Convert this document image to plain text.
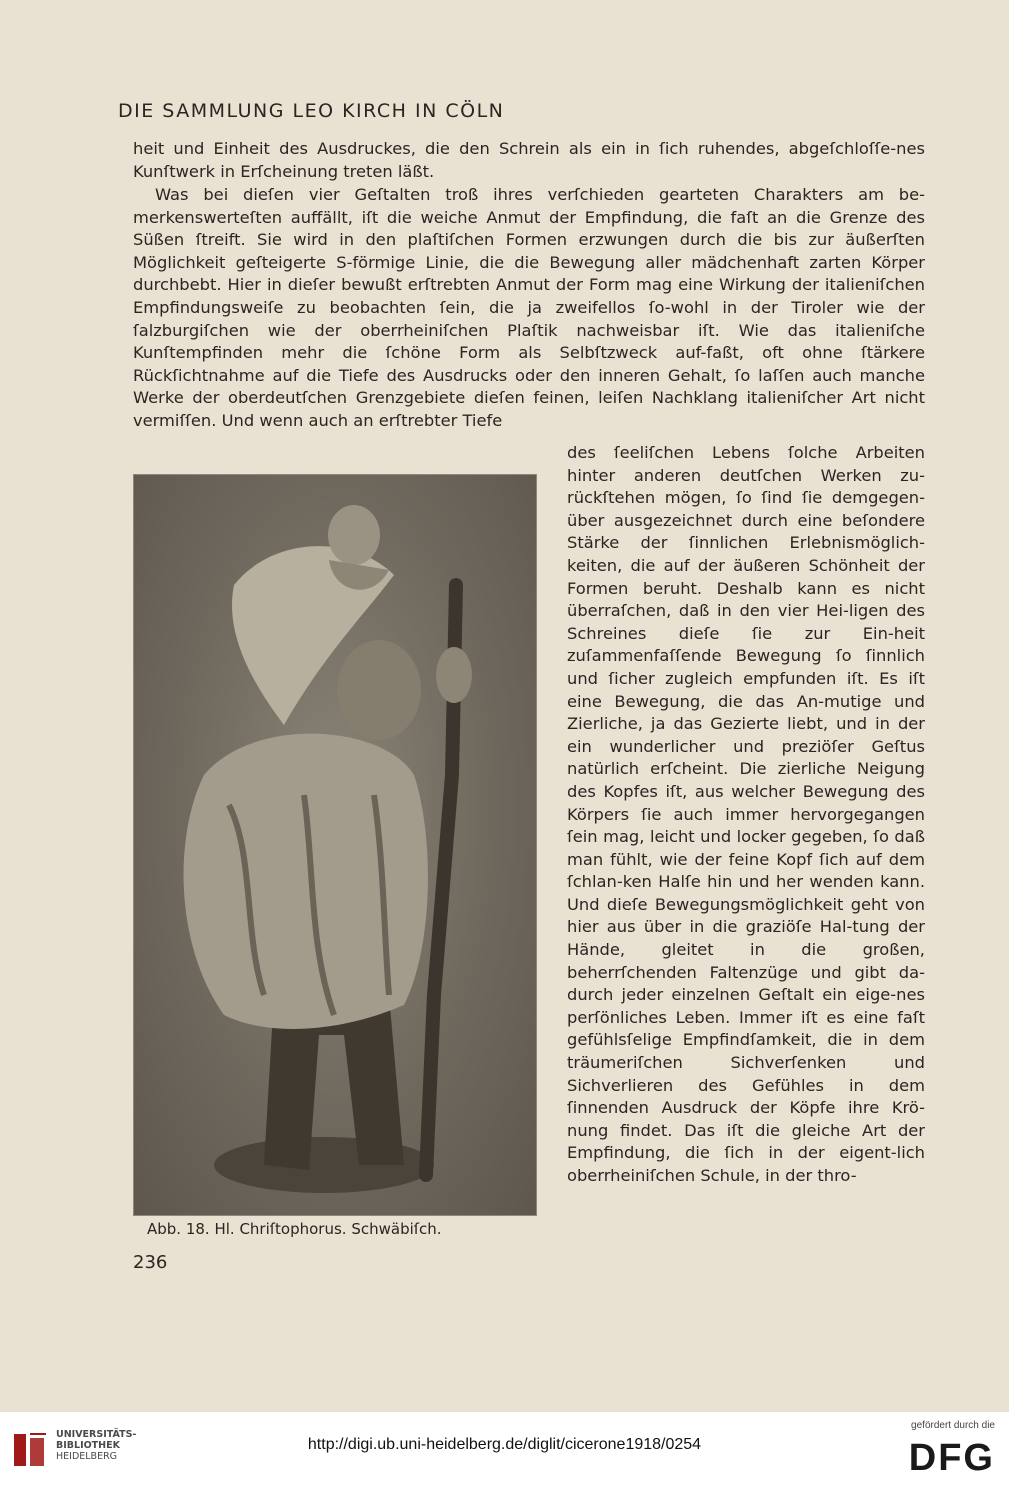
DIE SAMMLUNG LEO KIRCH IN CÖLN

heit und Einheit des Ausdruckes, die den Schrein als ein in ſich ruhendes, abgeſchloſſe-nes Kunſtwerk in Erſcheinung treten läßt.

Was bei dieſen vier Geſtalten troß ihres verſchieden gearteten Charakters am be-merkenswerteſten auffällt, iſt die weiche Anmut der Empfindung, die faſt an die Grenze des Süßen ſtreift. Sie wird in den plaſtiſchen Formen erzwungen durch die bis zur äußerſten Möglichkeit geſteigerte S-förmige Linie, die die Bewegung aller mädchenhaft zarten Körper durchbebt. Hier in dieſer bewußt erſtrebten Anmut der Form mag eine Wirkung der italieniſchen Empfindungsweiſe zu beobachten ſein, die ja zweifellos ſo-wohl in der Tiroler wie der ſalzburgiſchen wie der oberrheiniſchen Plaſtik nachweisbar iſt. Wie das italieniſche Kunſtempfinden mehr die ſchöne Form als Selbſtzweck auf-faßt, oft ohne ſtärkere Rückſichtnahme auf die Tiefe des Ausdrucks oder den inneren Gehalt, ſo laſſen auch manche Werke der oberdeutſchen Grenzgebiete dieſen feinen, leiſen Nachklang italieniſcher Art nicht vermiſſen. Und wenn auch an erſtrebter Tiefe

des ſeeliſchen Lebens ſolche Arbeiten hinter anderen deutſchen Werken zu-rückſtehen mögen, ſo ſind ſie demgegen-über ausgezeichnet durch eine beſondere Stärke der ſinnlichen Erlebnismöglich-keiten, die auf der äußeren Schönheit der Formen beruht. Deshalb kann es nicht überraſchen, daß in den vier Hei-ligen des Schreines dieſe ſie zur Ein-heit zuſammenfaſſende Bewegung ſo ſinnlich und ſicher zugleich empfunden iſt. Es iſt eine Bewegung, die das An-mutige und Zierliche, ja das Gezierte liebt, und in der ein wunderlicher und preziöſer Geſtus natürlich erſcheint. Die zierliche Neigung des Kopfes iſt, aus welcher Bewegung des Körpers ſie auch immer hervorgegangen ſein mag, leicht und locker gegeben, ſo daß man fühlt, wie der feine Kopf ſich auf dem ſchlan-ken Halſe hin und her wenden kann. Und dieſe Bewegungsmöglichkeit geht von hier aus über in die graziöſe Hal-tung der Hände, gleitet in die großen, beherrſchenden Faltenzüge und gibt da-durch jeder einzelnen Geſtalt ein eige-nes perſönliches Leben. Immer iſt es eine faſt gefühlsſelige Empfindſamkeit, die in dem träumeriſchen Sichverſenken und Sichverlieren des Gefühles in dem ſinnenden Ausdruck der Köpfe ihre Krö-nung findet. Das iſt die gleiche Art der Empfindung, die ſich in der eigent-lich oberrheiniſchen Schule, in der thro-

Abb. 18. Hl. Chriſtophorus. Schwäbiſch.
236
UNIVERSITÄTS-
BIBLIOTHEK
HEIDELBERG
http://digi.ub.uni-heidelberg.de/diglit/cicerone1918/0254
gefördert durch die
DFG
